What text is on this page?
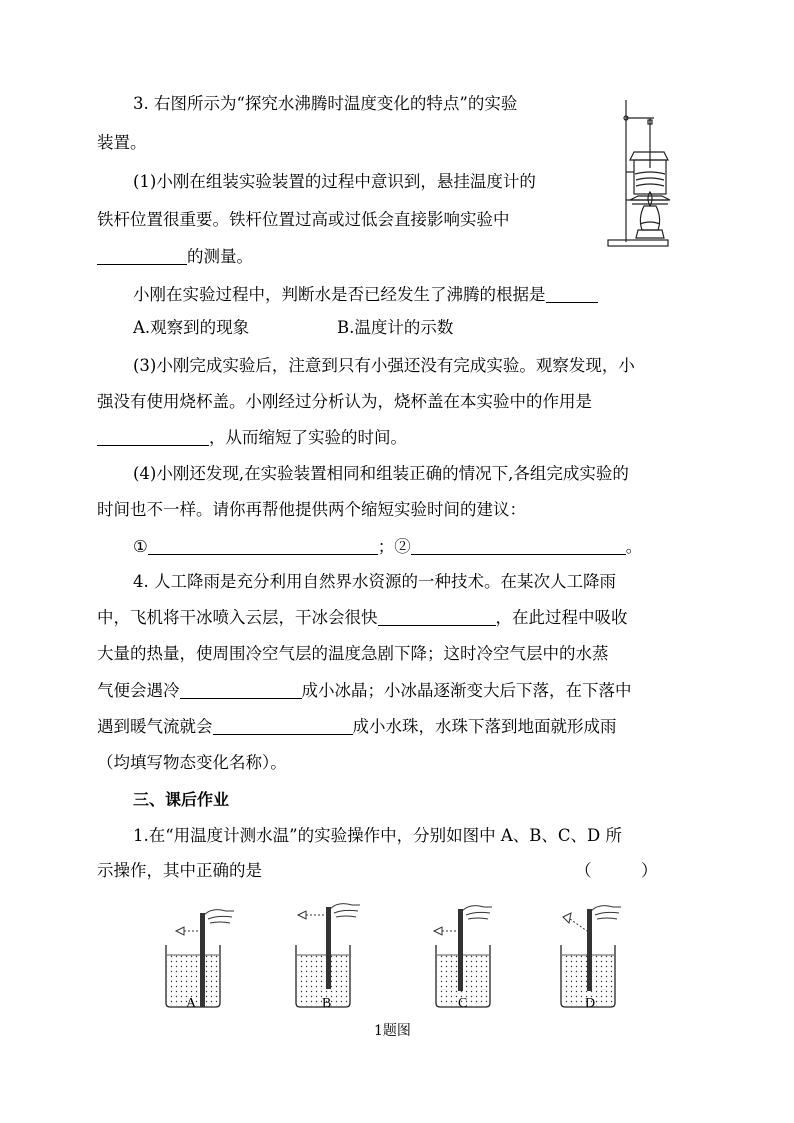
3. 右图所示为“探究水沸腾时温度变化的特点”的实验
装置。
(1)小刚在组装实验装置的过程中意识到，悬挂温度计的
铁杆位置很重要。铁杆位置过高或过低会直接影响实验中
的测量。
小刚在实验过程中，判断水是否已经发生了沸腾的根据是
A.观察到的现象	B.温度计的示数
(3)小刚完成实验后，注意到只有小强还没有完成实验。观察发现，小
强没有使用烧杯盖。小刚经过分析认为，烧杯盖在本实验中的作用是
，从而缩短了实验的时间。
(4)小刚还发现,在实验装置相同和组装正确的情况下,各组完成实验的
时间也不一样。请你再帮他提供两个缩短实验时间的建议：
①	；②	。
4. 人工降雨是充分利用自然界水资源的一种技术。在某次人工降雨
中，飞机将干冰喷入云层，干冰会很快	，在此过程中吸收
大量的热量，使周围冷空气层的温度急剧下降；这时冷空气层中的水蒸
气便会遇冷	成小冰晶；小冰晶逐渐变大后下落，在下落中
遇到暖气流就会	成小水珠，水珠下落到地面就形成雨
（均填写物态变化名称）。
三、课后作业
1.在“用温度计测水温”的实验操作中，分别如图中 A、B、C、D 所
示操作，其中正确的是	（　　　）
A	B	C	D
1题图
